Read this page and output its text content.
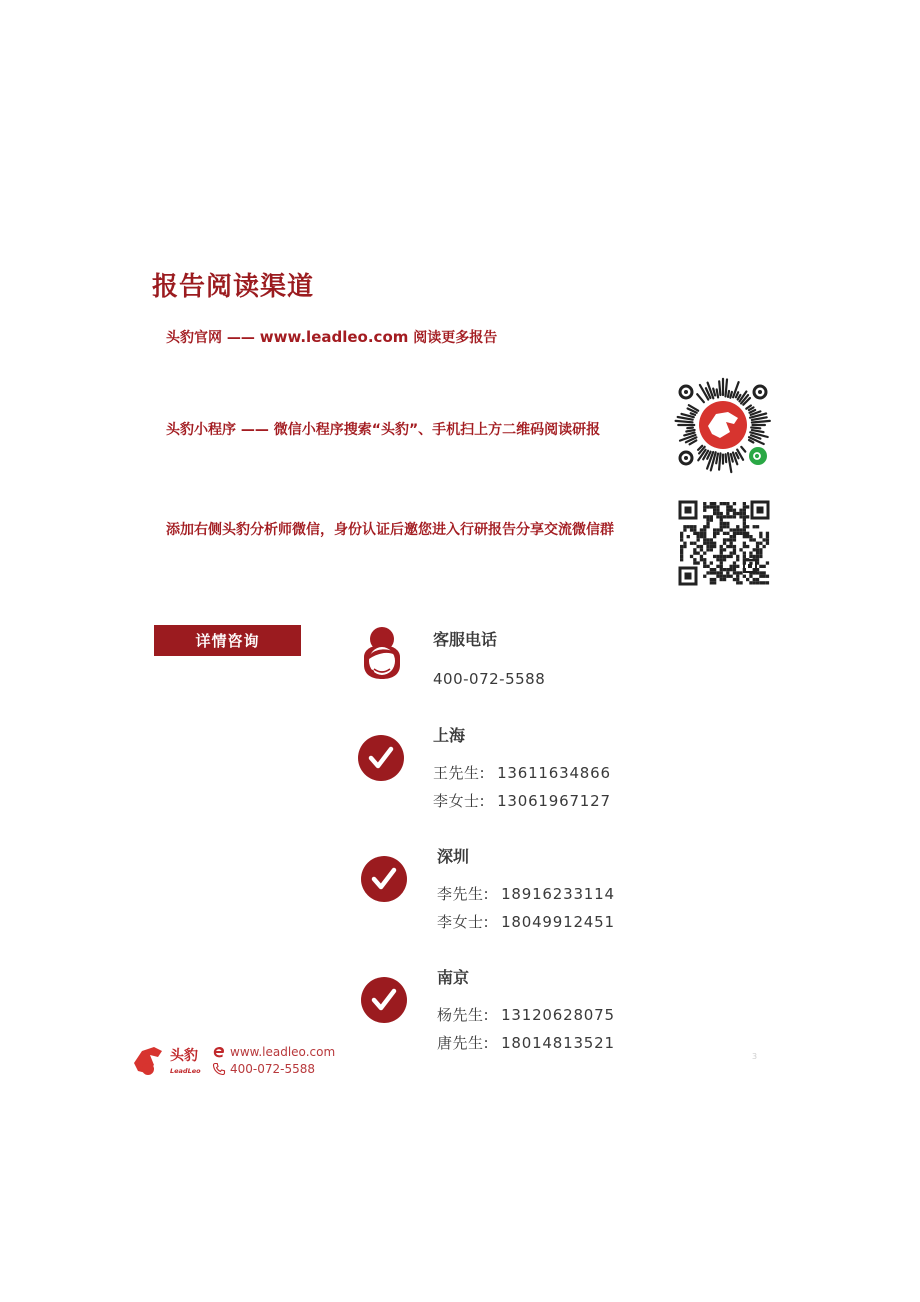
报告阅读渠道
头豹官网 —— www.leadleo.com 阅读更多报告
头豹小程序 —— 微信小程序搜索“头豹”、手机扫上方二维码阅读研报
添加右侧头豹分析师微信，身份认证后邀您进入行研报告分享交流微信群
详情咨询	客服电话
400-072-5588
上海
王先生: 13611634866
李女士: 13061967127
深圳
李先生: 18916233114
李女士: 18049912451
南京
杨先生: 13120628075
唐先生: 18014813521
头豹
LeadLeo
www.leadleo.com
400-072-5588
3
